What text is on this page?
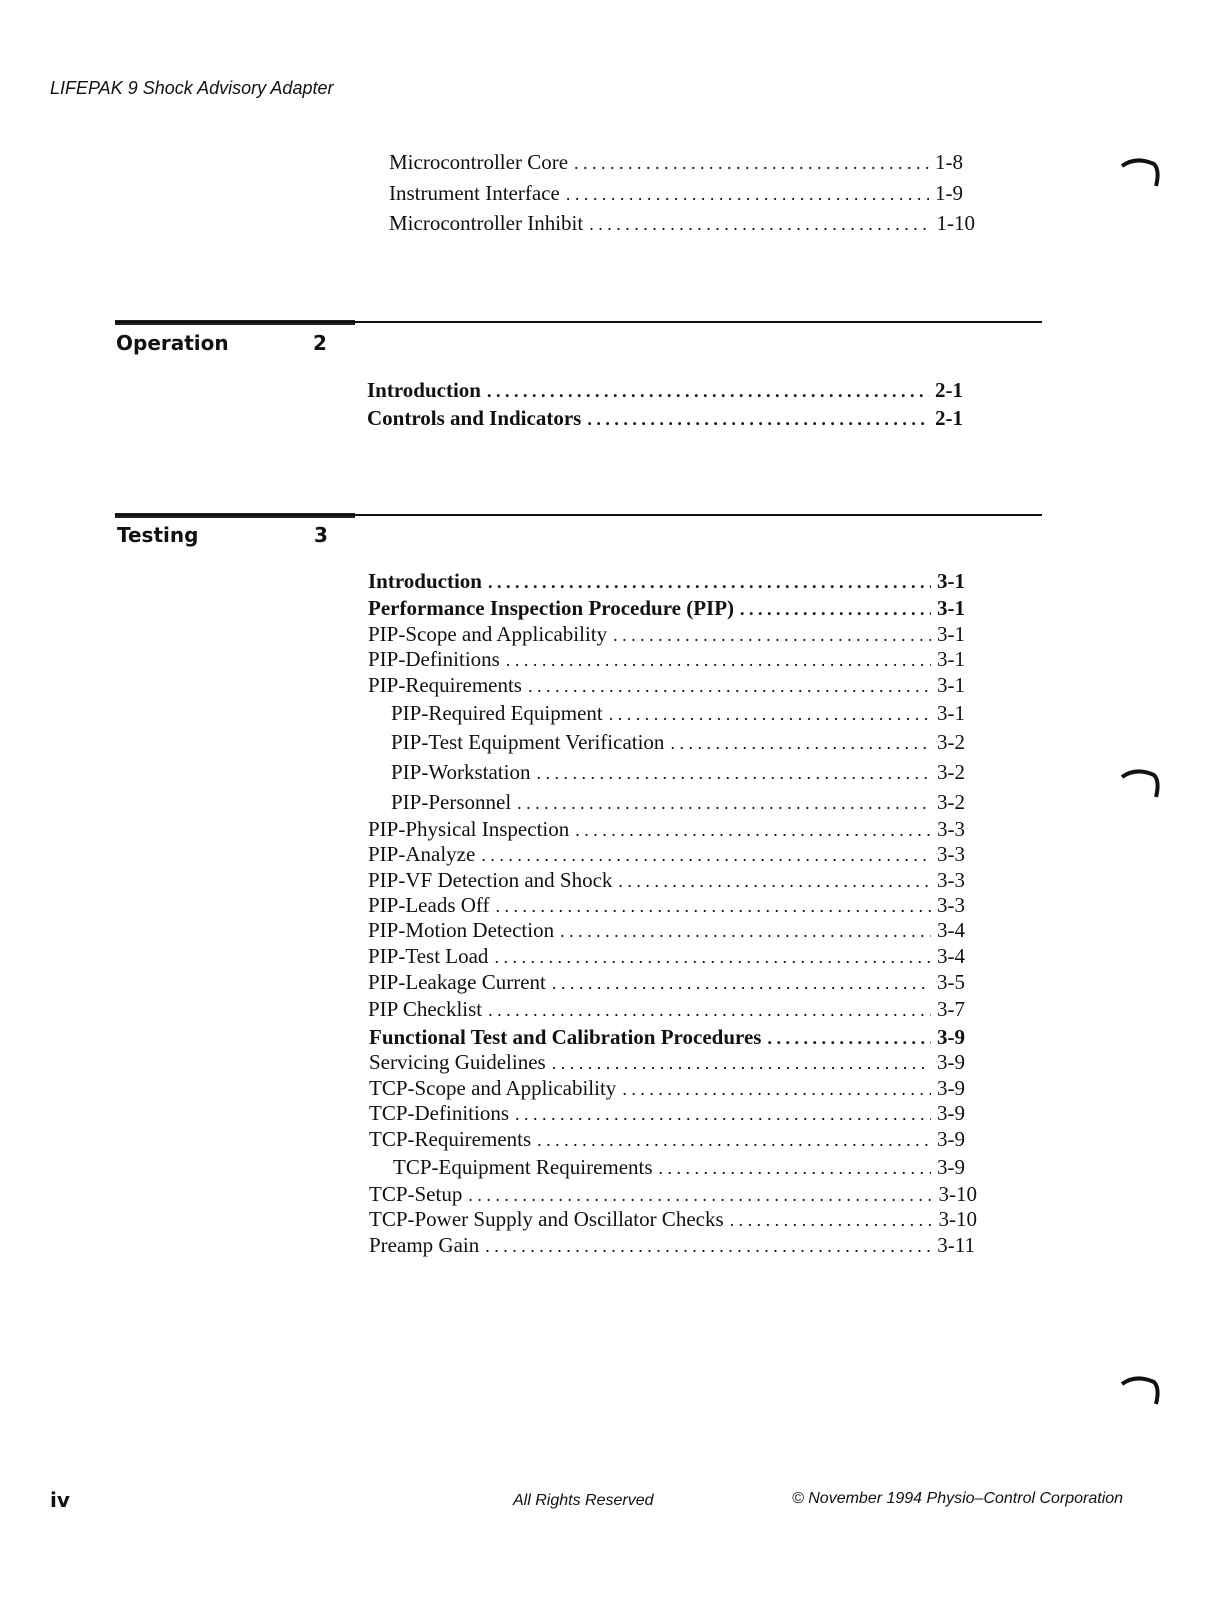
LIFEPAK 9 Shock Advisory Adapter
Microcontroller Core . . .	1-8
Instrument Interface . . .	1-9
Microcontroller Inhibit . . .	1-10
Operation	2
Introduction . . .	2-1
Controls and Indicators . . .	2-1
Testing	3
Introduction . . .	3-1
Performance Inspection Procedure (PIP) . . .	3-1
PIP-Scope and Applicability . . .	3-1
PIP-Definitions . . .	3-1
PIP-Requirements . . .	3-1
PIP-Required Equipment . . .	3-1
PIP-Test Equipment Verification . . .	3-2
PIP-Workstation . . .	3-2
PIP-Personnel . . .	3-2
PIP-Physical Inspection . . .	3-3
PIP-Analyze . . .	3-3
PIP-VF Detection and Shock . . .	3-3
PIP-Leads Off . . .	3-3
PIP-Motion Detection . . .	3-4
PIP-Test Load . . .	3-4
PIP-Leakage Current . . .	3-5
PIP Checklist . . .	3-7
Functional Test and Calibration Procedures . . .	3-9
Servicing Guidelines . . .	3-9
TCP-Scope and Applicability . . .	3-9
TCP-Definitions . . .	3-9
TCP-Requirements . . .	3-9
TCP-Equipment Requirements . . .	3-9
TCP-Setup . . .	3-10
TCP-Power Supply and Oscillator Checks . . .	3-10
Preamp Gain . . .	3-11
iv	All Rights Reserved	© November 1994 Physio–Control Corporation
